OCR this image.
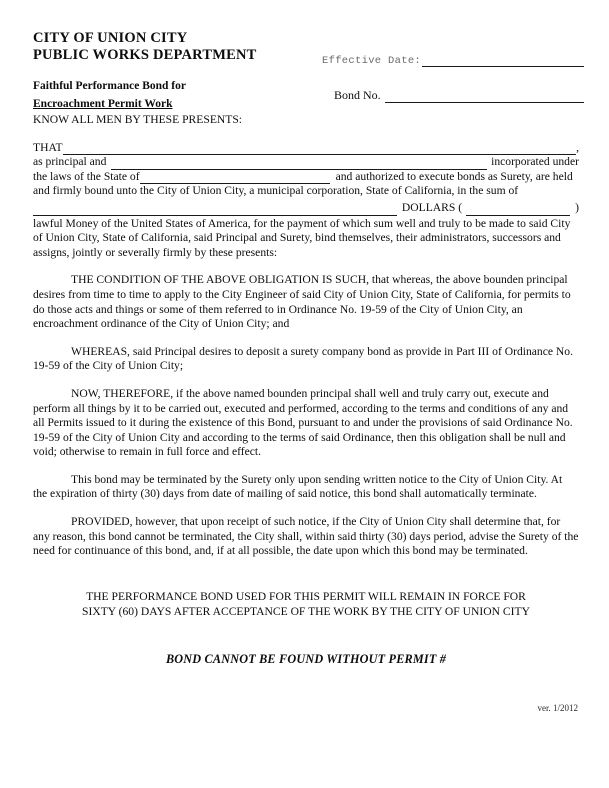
CITY OF UNION CITY
PUBLIC WORKS DEPARTMENT
Faithful Performance Bond for
Encroachment Permit Work
Effective Date:
Bond No.
KNOW ALL MEN BY THESE PRESENTS:
THAT	,
as principal and	incorporated under
the laws of the State of	and authorized to execute bonds as Surety, are held
and firmly bound unto the City of Union City, a municipal corporation, State of California, in the sum of
DOLLARS (	)
lawful Money of the United States of America, for the payment of which sum well and truly to be made to said City of Union City, State of California, said Principal and Surety, bind themselves, their administrators, successors and assigns, jointly or severally firmly by these presents:
THE CONDITION OF THE ABOVE OBLIGATION IS SUCH, that whereas, the above bounden principal desires from time to time to apply to the City Engineer of said City of Union City, State of California, for permits to do those acts and things or some of them referred to in Ordinance No. 19-59 of the City of Union City, an encroachment ordinance of the City of Union City; and
WHEREAS, said Principal desires to deposit a surety company bond as provide in Part III of Ordinance No. 19-59 of the City of Union City;
NOW, THEREFORE, if the above named bounden principal shall well and truly carry out, execute and perform all things by it to be carried out, executed and performed, according to the terms and conditions of any and all Permits issued to it during the existence of this Bond, pursuant to and under the provisions of said Ordinance No. 19-59 of the City of Union City and according to the terms of said Ordinance, then this obligation shall be null and void; otherwise to remain in full force and effect.
This bond may be terminated by the Surety only upon sending written notice to the City of Union City. At the expiration of thirty (30) days from date of mailing of said notice, this bond shall automatically terminate.
PROVIDED, however, that upon receipt of such notice, if the City of Union City shall determine that, for any reason, this bond cannot be terminated, the City shall, within said thirty (30) days period, advise the Surety of the need for continuance of this bond, and, if at all possible, the date upon which this bond may be terminated.
THE PERFORMANCE BOND USED FOR THIS PERMIT WILL REMAIN IN FORCE FOR
SIXTY (60) DAYS AFTER ACCEPTANCE OF THE WORK BY THE CITY OF UNION CITY
BOND CANNOT BE FOUND WITHOUT PERMIT #
ver. 1/2012
